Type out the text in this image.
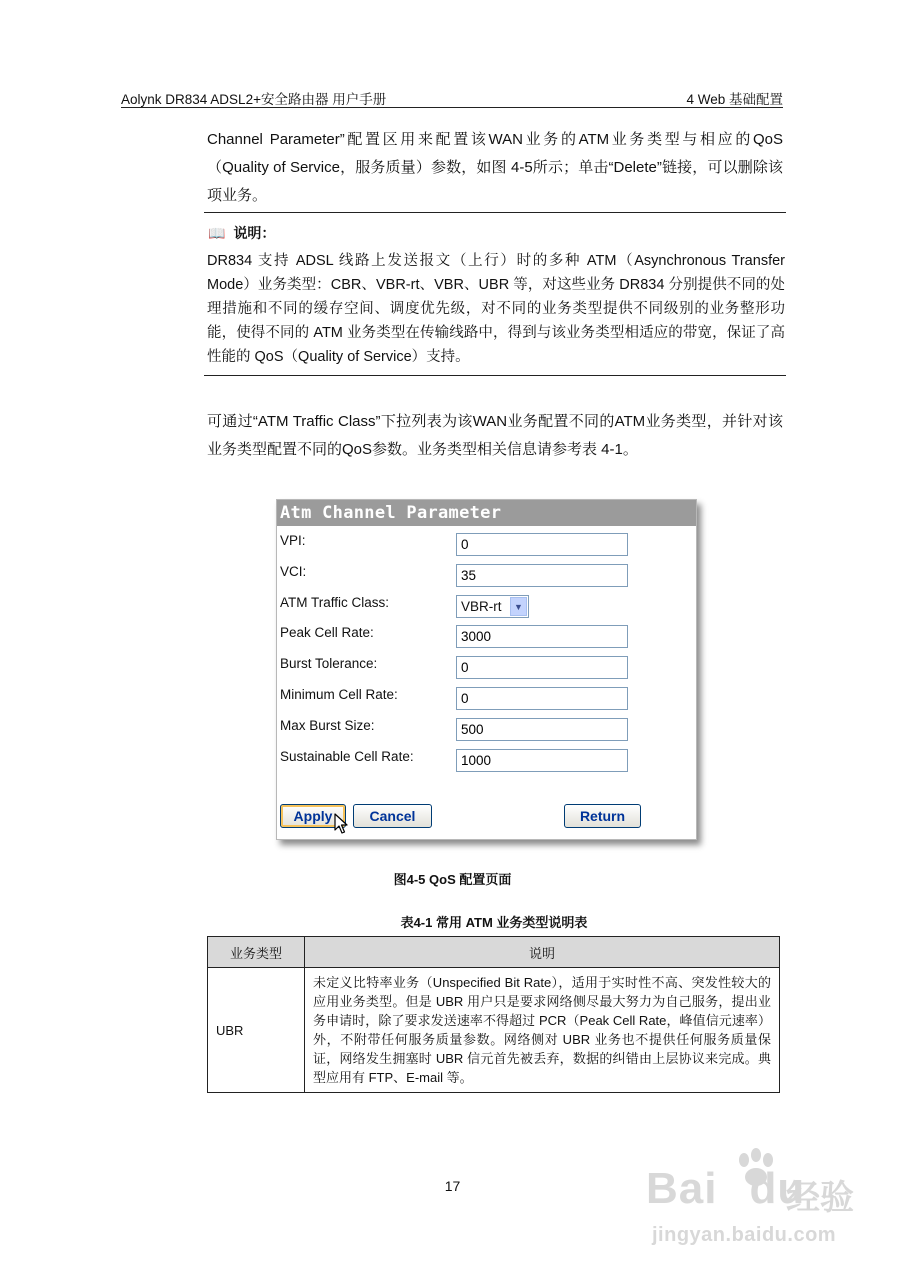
Aolynk DR834 ADSL2+安全路由器 用户手册	4 Web 基础配置

Channel Parameter”配置区用来配置该WAN业务的ATM业务类型与相应的QoS（Quality of Service，服务质量）参数，如图 4-5所示；单击“Delete”链接，可以删除该项业务。

📖 说明：

DR834 支持 ADSL 线路上发送报文（上行）时的多种 ATM（Asynchronous Transfer Mode）业务类型：CBR、VBR-rt、VBR、UBR 等，对这些业务 DR834 分别提供不同的处理措施和不同的缓存空间、调度优先级，对不同的业务类型提供不同级别的业务整形功能，使得不同的 ATM 业务类型在传输线路中，得到与该业务类型相适应的带宽，保证了高性能的 QoS（Quality of Service）支持。

可通过“ATM Traffic Class”下拉列表为该WAN业务配置不同的ATM业务类型，并针对该业务类型配置不同的QoS参数。业务类型相关信息请参考表 4-1。

Atm Channel Parameter
VPI:	0
VCI:	35
ATM Traffic Class:	VBR-rt	▼
Peak Cell Rate:	3000
Burst Tolerance:	0
Minimum Cell Rate:	0
Max Burst Size:	500
Sustainable Cell Rate:	1000
Apply	Cancel	Return
图4-5 QoS 配置页面
表4-1 常用 ATM 业务类型说明表
业务类型	说明
UBR	未定义比特率业务（Unspecified Bit Rate），适用于实时性不高、突发性较大的应用业务类型。但是 UBR 用户只是要求网络侧尽最大努力为自己服务，提出业务申请时，除了要求发送速率不得超过 PCR（Peak Cell Rate，峰值信元速率）外，不附带任何服务质量参数。网络侧对 UBR 业务也不提供任何服务质量保证，网络发生拥塞时 UBR 信元首先被丢弃，数据的纠错由上层协议来完成。典型应用有 FTP、E-mail 等。
17	Bai du
经验
jingyan.baidu.com
